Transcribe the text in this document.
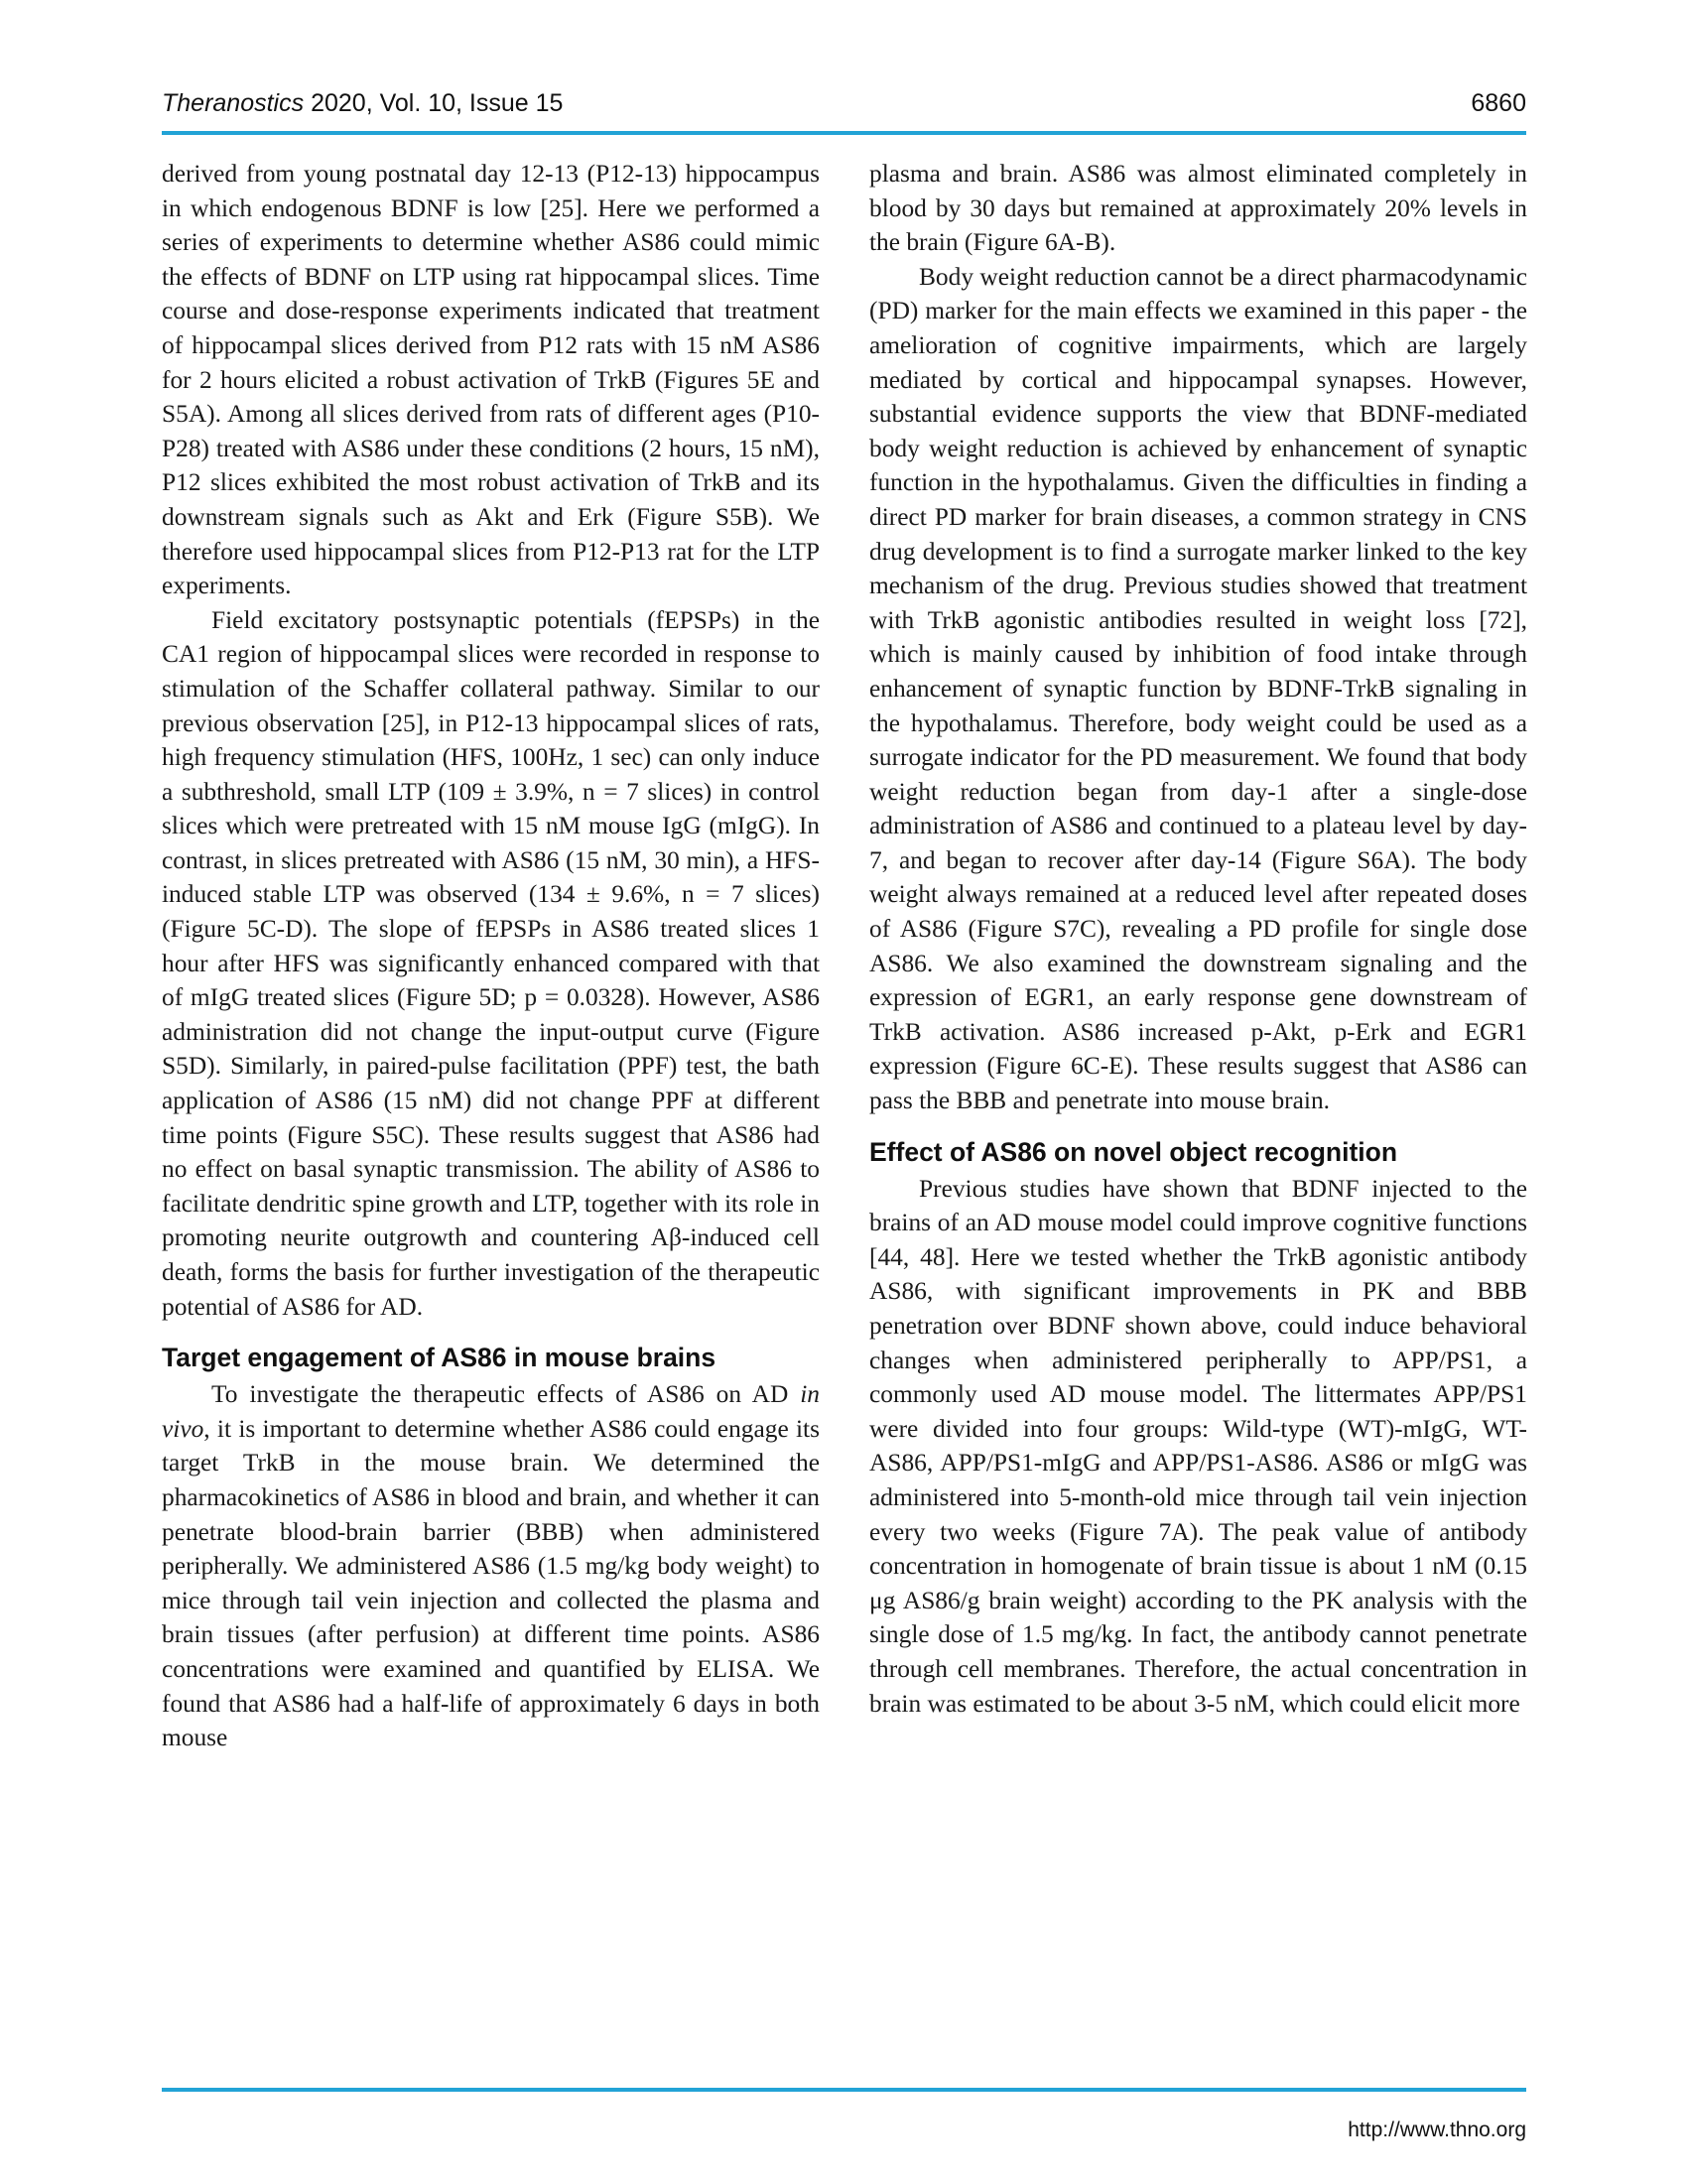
Theranostics 2020, Vol. 10, Issue 15	6860

derived from young postnatal day 12-13 (P12-13) hippocampus in which endogenous BDNF is low [25]. Here we performed a series of experiments to determine whether AS86 could mimic the effects of BDNF on LTP using rat hippocampal slices. Time course and dose-response experiments indicated that treatment of hippocampal slices derived from P12 rats with 15 nM AS86 for 2 hours elicited a robust activation of TrkB (Figures 5E and S5A). Among all slices derived from rats of different ages (P10-P28) treated with AS86 under these conditions (2 hours, 15 nM), P12 slices exhibited the most robust activation of TrkB and its downstream signals such as Akt and Erk (Figure S5B). We therefore used hippocampal slices from P12-P13 rat for the LTP experiments.

Field excitatory postsynaptic potentials (fEPSPs) in the CA1 region of hippocampal slices were recorded in response to stimulation of the Schaffer collateral pathway. Similar to our previous observation [25], in P12-13 hippocampal slices of rats, high frequency stimulation (HFS, 100Hz, 1 sec) can only induce a subthreshold, small LTP (109 ± 3.9%, n = 7 slices) in control slices which were pretreated with 15 nM mouse IgG (mIgG). In contrast, in slices pretreated with AS86 (15 nM, 30 min), a HFS-induced stable LTP was observed (134 ± 9.6%, n = 7 slices) (Figure 5C-D). The slope of fEPSPs in AS86 treated slices 1 hour after HFS was significantly enhanced compared with that of mIgG treated slices (Figure 5D; p = 0.0328). However, AS86 administration did not change the input-output curve (Figure S5D). Similarly, in paired-pulse facilitation (PPF) test, the bath application of AS86 (15 nM) did not change PPF at different time points (Figure S5C). These results suggest that AS86 had no effect on basal synaptic transmission. The ability of AS86 to facilitate dendritic spine growth and LTP, together with its role in promoting neurite outgrowth and countering Aβ-induced cell death, forms the basis for further investigation of the therapeutic potential of AS86 for AD.

Target engagement of AS86 in mouse brains

To investigate the therapeutic effects of AS86 on AD in vivo, it is important to determine whether AS86 could engage its target TrkB in the mouse brain. We determined the pharmacokinetics of AS86 in blood and brain, and whether it can penetrate blood-brain barrier (BBB) when administered peripherally. We administered AS86 (1.5 mg/kg body weight) to mice through tail vein injection and collected the plasma and brain tissues (after perfusion) at different time points. AS86 concentrations were examined and quantified by ELISA. We found that AS86 had a half-life of approximately 6 days in both mouse

plasma and brain. AS86 was almost eliminated completely in blood by 30 days but remained at approximately 20% levels in the brain (Figure 6A-B).

Body weight reduction cannot be a direct pharmacodynamic (PD) marker for the main effects we examined in this paper - the amelioration of cognitive impairments, which are largely mediated by cortical and hippocampal synapses. However, substantial evidence supports the view that BDNF-mediated body weight reduction is achieved by enhancement of synaptic function in the hypothalamus. Given the difficulties in finding a direct PD marker for brain diseases, a common strategy in CNS drug development is to find a surrogate marker linked to the key mechanism of the drug. Previous studies showed that treatment with TrkB agonistic antibodies resulted in weight loss [72], which is mainly caused by inhibition of food intake through enhancement of synaptic function by BDNF-TrkB signaling in the hypothalamus. Therefore, body weight could be used as a surrogate indicator for the PD measurement. We found that body weight reduction began from day-1 after a single-dose administration of AS86 and continued to a plateau level by day-7, and began to recover after day-14 (Figure S6A). The body weight always remained at a reduced level after repeated doses of AS86 (Figure S7C), revealing a PD profile for single dose AS86. We also examined the downstream signaling and the expression of EGR1, an early response gene downstream of TrkB activation. AS86 increased p-Akt, p-Erk and EGR1 expression (Figure 6C-E). These results suggest that AS86 can pass the BBB and penetrate into mouse brain.

Effect of AS86 on novel object recognition

Previous studies have shown that BDNF injected to the brains of an AD mouse model could improve cognitive functions [44, 48]. Here we tested whether the TrkB agonistic antibody AS86, with significant improvements in PK and BBB penetration over BDNF shown above, could induce behavioral changes when administered peripherally to APP/PS1, a commonly used AD mouse model. The littermates APP/PS1 were divided into four groups: Wild-type (WT)-mIgG, WT-AS86, APP/PS1-mIgG and APP/PS1-AS86. AS86 or mIgG was administered into 5-month-old mice through tail vein injection every two weeks (Figure 7A). The peak value of antibody concentration in homogenate of brain tissue is about 1 nM (0.15 μg AS86/g brain weight) according to the PK analysis with the single dose of 1.5 mg/kg. In fact, the antibody cannot penetrate through cell membranes. Therefore, the actual concentration in brain was estimated to be about 3-5 nM, which could elicit more

http://www.thno.org
